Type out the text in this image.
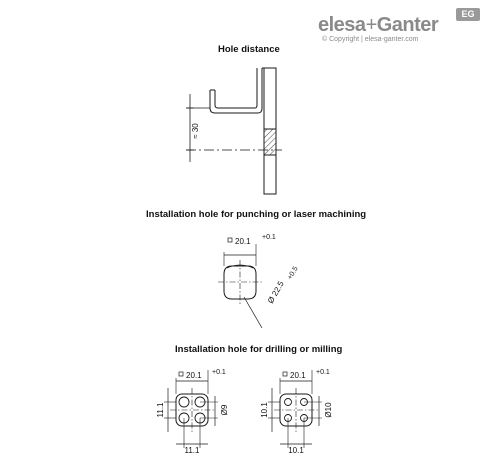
elesa+Ganter	EG
© Copyright | elesa-ganter.com
Hole distance
Installation hole for punching or laser machining
Installation hole for drilling or milling
≈ 30
20.1 +0.1
Ø 22.5
+0.5
20.1 +0.1
11.1
11.1
Ø9
20.1 +0.1
10.1
10.1
Ø10
